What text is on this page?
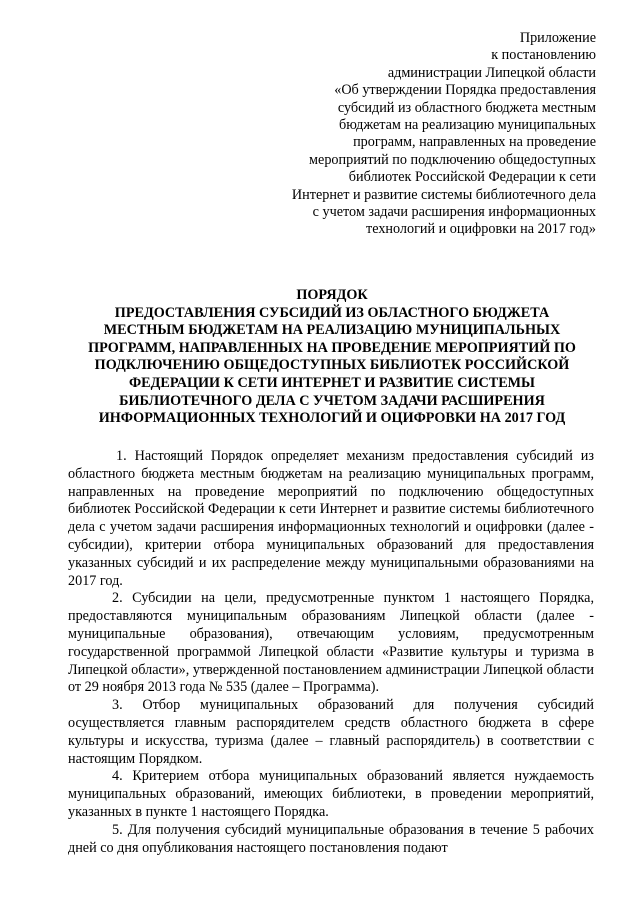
Приложение
к постановлению
администрации Липецкой области
«Об утверждении Порядка предоставления
субсидий из областного бюджета местным
бюджетам на реализацию муниципальных
программ, направленных на проведение
мероприятий по подключению общедоступных
библиотек Российской Федерации к сети
Интернет и развитие системы библиотечного дела
с учетом задачи расширения информационных
технологий и оцифровки на 2017 год»
ПОРЯДОК
ПРЕДОСТАВЛЕНИЯ СУБСИДИЙ ИЗ ОБЛАСТНОГО БЮДЖЕТА
МЕСТНЫМ БЮДЖЕТАМ НА РЕАЛИЗАЦИЮ МУНИЦИПАЛЬНЫХ
ПРОГРАММ, НАПРАВЛЕННЫХ НА ПРОВЕДЕНИЕ МЕРОПРИЯТИЙ ПО
ПОДКЛЮЧЕНИЮ ОБЩЕДОСТУПНЫХ БИБЛИОТЕК РОССИЙСКОЙ
ФЕДЕРАЦИИ К СЕТИ ИНТЕРНЕТ И РАЗВИТИЕ СИСТЕМЫ
БИБЛИОТЕЧНОГО ДЕЛА С УЧЕТОМ ЗАДАЧИ РАСШИРЕНИЯ
ИНФОРМАЦИОННЫХ ТЕХНОЛОГИЙ И ОЦИФРОВКИ НА 2017 ГОД

1. Настоящий Порядок определяет механизм предоставления субсидий из областного бюджета местным бюджетам на реализацию муниципальных программ, направленных на проведение мероприятий по подключению общедоступных библиотек Российской Федерации к сети Интернет и развитие системы библиотечного дела с учетом задачи расширения информационных технологий и оцифровки (далее - субсидии), критерии отбора муниципальных образований для предоставления указанных субсидий и их распределение между муниципальными образованиями на 2017 год.

2. Субсидии на цели, предусмотренные пунктом 1 настоящего Порядка, предоставляются муниципальным образованиям Липецкой области (далее - муниципальные образования), отвечающим условиям, предусмотренным государственной программой Липецкой области «Развитие культуры и туризма в Липецкой области», утвержденной постановлением администрации Липецкой области от 29 ноября 2013 года № 535 (далее – Программа).

3. Отбор муниципальных образований для получения субсидий осуществляется главным распорядителем средств областного бюджета в сфере культуры и искусства, туризма (далее – главный распорядитель) в соответствии с настоящим Порядком.

4. Критерием отбора муниципальных образований является нуждаемость муниципальных образований, имеющих библиотеки, в проведении мероприятий, указанных в пункте 1 настоящего Порядка.

5. Для получения субсидий муниципальные образования в течение 5 рабочих дней со дня опубликования настоящего постановления подают
